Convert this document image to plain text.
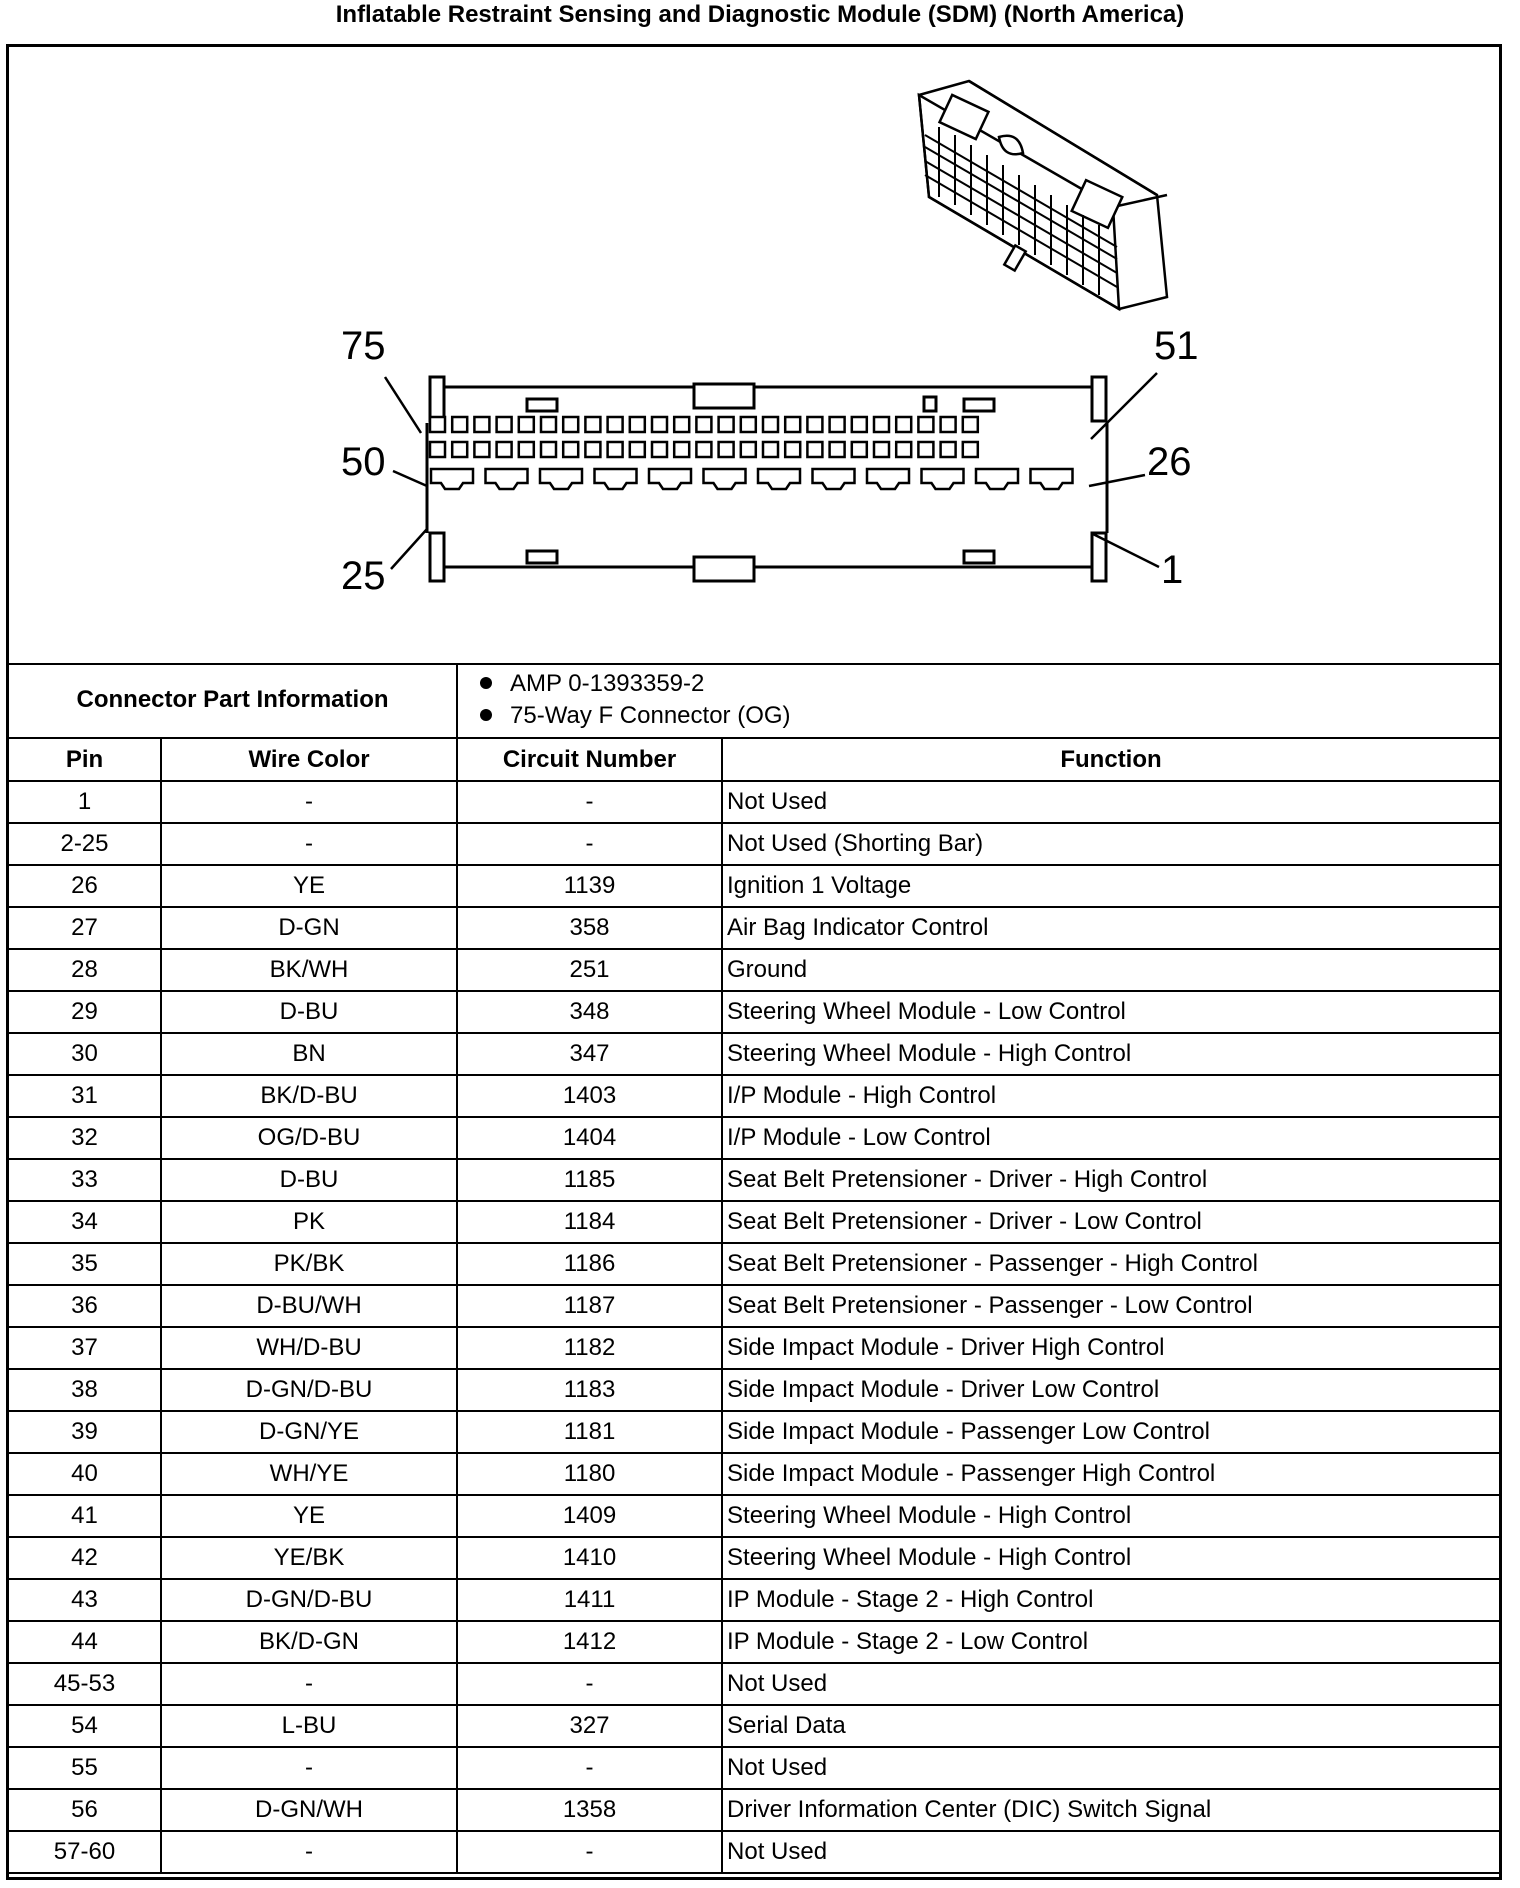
Inflatable Restraint Sensing and Diagnostic Module (SDM) (North America)
75	51
50	26
25	1
Connector Part Information		AMP 0-1393359-2
75-Way F Connector (OG)	

Pin	Wire Color	Circuit Number	Function
1	-	-	Not Used
2-25	-	-	Not Used (Shorting Bar)
26	YE	1139	Ignition 1 Voltage
27	D-GN	358	Air Bag Indicator Control
28	BK/WH	251	Ground
29	D-BU	348	Steering Wheel Module - Low Control
30	BN	347	Steering Wheel Module - High Control
31	BK/D-BU	1403	I/P Module - High Control
32	OG/D-BU	1404	I/P Module - Low Control
33	D-BU	1185	Seat Belt Pretensioner - Driver - High Control
34	PK	1184	Seat Belt Pretensioner - Driver - Low Control
35	PK/BK	1186	Seat Belt Pretensioner - Passenger - High Control
36	D-BU/WH	1187	Seat Belt Pretensioner - Passenger - Low Control
37	WH/D-BU	1182	Side Impact Module - Driver High Control
38	D-GN/D-BU	1183	Side Impact Module - Driver Low Control
39	D-GN/YE	1181	Side Impact Module - Passenger Low Control
40	WH/YE	1180	Side Impact Module - Passenger High Control
41	YE	1409	Steering Wheel Module - High Control
42	YE/BK	1410	Steering Wheel Module - High Control
43	D-GN/D-BU	1411	IP Module - Stage 2 - High Control
44	BK/D-GN	1412	IP Module - Stage 2 - Low Control
45-53	-	-	Not Used
54	L-BU	327	Serial Data
55	-	-	Not Used
56	D-GN/WH	1358	Driver Information Center (DIC) Switch Signal
57-60	-	-	Not Used
